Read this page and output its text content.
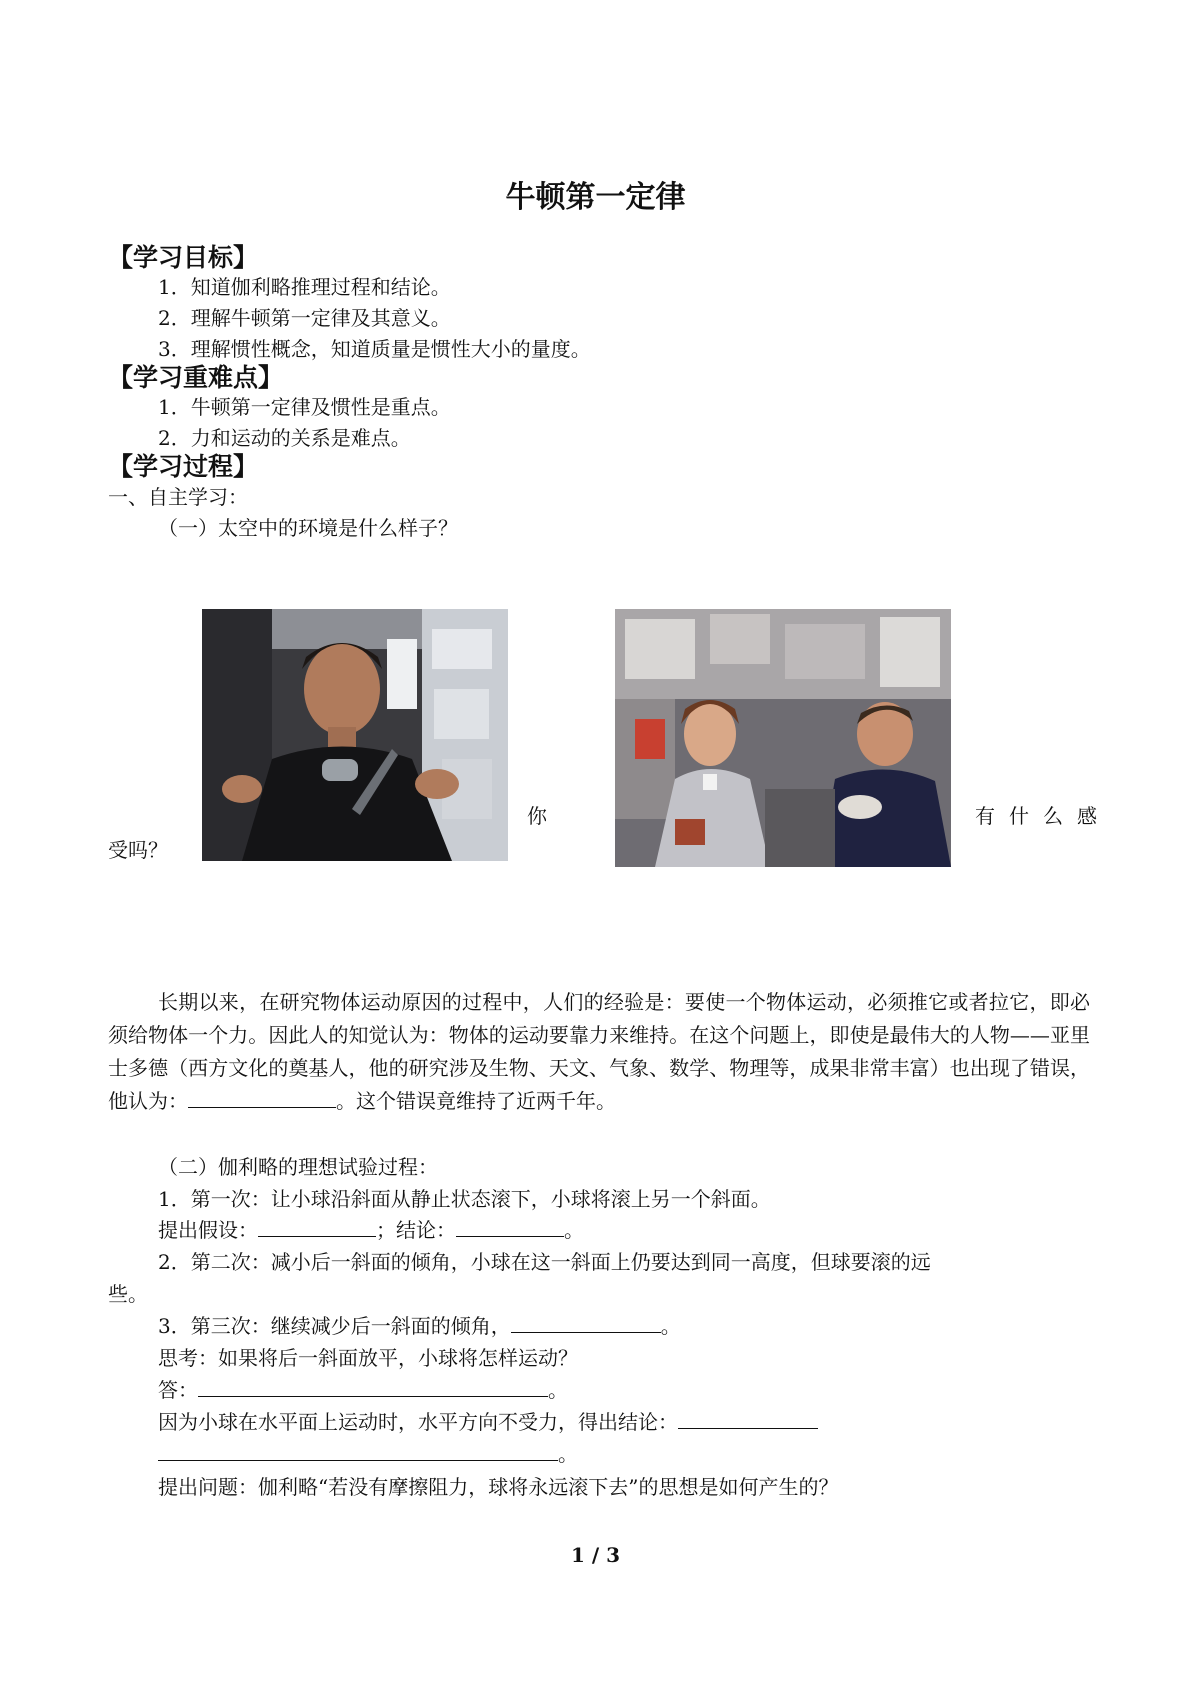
牛顿第一定律
【学习目标】
1．知道伽利略推理过程和结论。
2．理解牛顿第一定律及其意义。
3．理解惯性概念，知道质量是惯性大小的量度。
【学习重难点】
1．牛顿第一定律及惯性是重点。
2．力和运动的关系是难点。
【学习过程】
一、自主学习：
（一）太空中的环境是什么样子？
你	有什么感
受吗？
长期以来，在研究物体运动原因的过程中，人们的经验是：要使一个物体运动，必须推它或者拉它，即必须给物体一个力。因此人的知觉认为：物体的运动要靠力来维持。在这个问题上，即使是最伟大的人物——亚里士多德（西方文化的奠基人，他的研究涉及生物、天文、气象、数学、物理等，成果非常丰富）也出现了错误，他认为：	。这个错误竟维持了近两千年。
（二）伽利略的理想试验过程：
1．第一次：让小球沿斜面从静止状态滚下，小球将滚上另一个斜面。
提出假设：	；结论：	。
2．第二次：减小后一斜面的倾角，小球在这一斜面上仍要达到同一高度，但球要滚的远
些。
3．第三次：继续减少后一斜面的倾角，	。
思考：如果将后一斜面放平，小球将怎样运动？
答：	。
因为小球在水平面上运动时，水平方向不受力，得出结论：
。
提出问题：伽利略“若没有摩擦阻力，球将永远滚下去”的思想是如何产生的？
1 / 3
